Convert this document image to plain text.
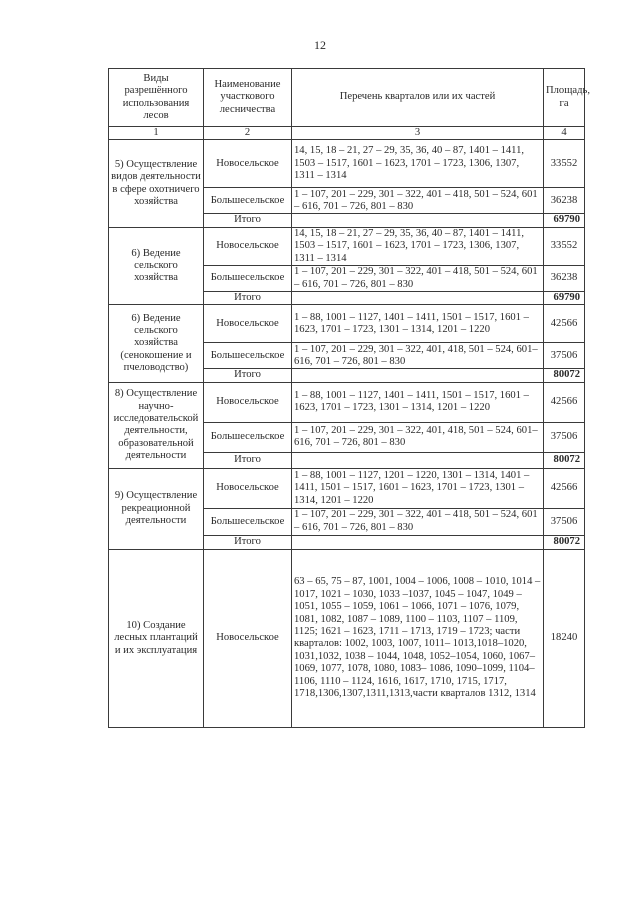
12
Виды разрешённого использования лесов	Наименование участкового лесничества	Перечень кварталов или их частей	Площадь, га
1	2	3	4
5) Осуществление видов деятельности в сфере охотничего хозяйства	Новосельское	14, 15, 18 – 21, 27 – 29, 35, 36, 40 – 87, 1401 – 1411, 1503 – 1517, 1601 – 1623, 1701 – 1723, 1306, 1307, 1311 – 1314	33552
	Большесельское	1 – 107, 201 – 229, 301 – 322, 401 – 418, 501 – 524, 601 – 616, 701 – 726, 801 – 830	36238
	Итого		69790
6) Ведение сельского хозяйства	Новосельское	14, 15, 18 – 21, 27 – 29, 35, 36, 40 – 87, 1401 – 1411, 1503 – 1517, 1601 – 1623, 1701 – 1723, 1306, 1307, 1311 – 1314	33552
	Большесельское	1 – 107, 201 – 229, 301 – 322, 401 – 418, 501 – 524, 601 – 616, 701 – 726, 801 – 830	36238
	Итого		69790
6) Ведение сельского хозяйства (сенокошение и пчеловодство)	Новосельское	1 – 88, 1001 – 1127, 1401 – 1411, 1501 – 1517, 1601 –1623, 1701 – 1723, 1301 – 1314, 1201 – 1220	42566
	Большесельское	1 – 107, 201 – 229, 301 – 322, 401, 418, 501 – 524, 601–616, 701 – 726, 801 – 830	37506
	Итого		80072
8) Осуществление научно-исследовательской деятельности, образовательной деятельности	Новосельское	1 – 88, 1001 – 1127, 1401 – 1411, 1501 – 1517, 1601 –1623, 1701 – 1723, 1301 – 1314, 1201 – 1220	42566
	Большесельское	1 – 107, 201 – 229, 301 – 322, 401, 418, 501 – 524, 601–616, 701 – 726, 801 – 830	37506
	Итого		80072
9) Осуществление рекреационной деятельности	Новосельское	1 – 88, 1001 – 1127, 1201 – 1220, 1301 – 1314, 1401 –1411, 1501 – 1517, 1601 – 1623, 1701 – 1723, 1301 –1314, 1201 – 1220	42566
	Большесельское	1 – 107, 201 – 229, 301 – 322, 401 – 418, 501 – 524, 601 – 616, 701 – 726, 801 – 830	37506
	Итого		80072
10) Создание лесных плантаций и их эксплуатация	Новосельское	63 – 65, 75 – 87, 1001, 1004 – 1006, 1008 – 1010, 1014 –1017, 1021 – 1030, 1033 –1037, 1045 – 1047, 1049 –1051, 1055 – 1059, 1061 – 1066, 1071 – 1076, 1079, 1081, 1082, 1087 – 1089, 1100 – 1103, 1107 – 1109, 1125; 1621 – 1623, 1711 – 1713, 1719 – 1723; части кварталов: 1002, 1003, 1007, 1011– 1013,1018–1020, 1031,1032, 1038 – 1044, 1048, 1052–1054, 1060, 1067–1069, 1077, 1078, 1080, 1083– 1086, 1090–1099, 1104–1106, 1110 – 1124, 1616, 1617, 1710, 1715, 1717, 1718,1306,1307,1311,1313,части кварталов 1312, 1314	18240
